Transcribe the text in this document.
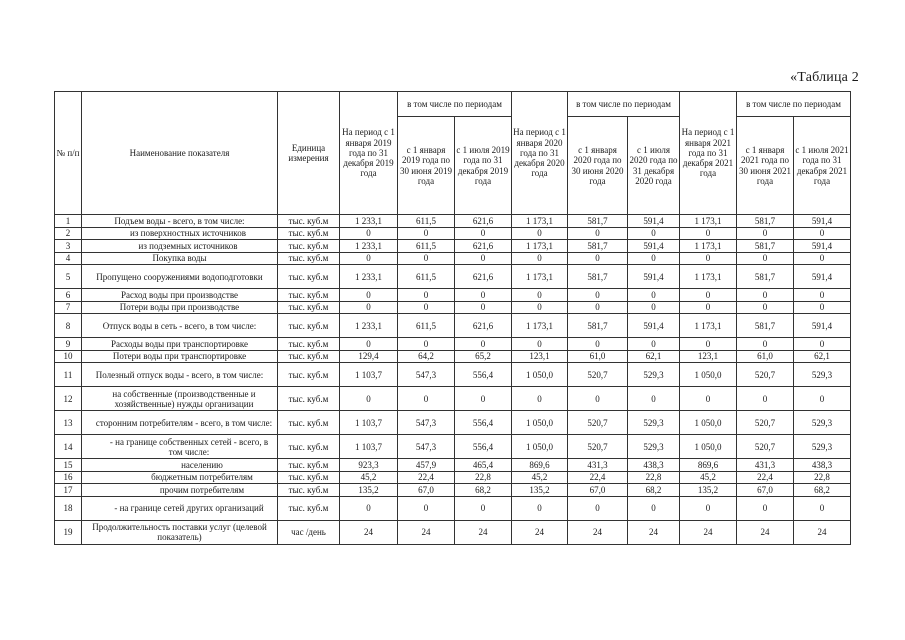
«Таблица 2
№ п/п	Наименование показателя	Единица измерения	На период с 1 января 2019 года по 31 декабря 2019 года	в том числе по периодам		На период с 1 января 2020 года по 31 декабря 2020 года	в том числе по периодам		На период с 1 января 2021 года по 31 декабря 2021 года	в том числе по периодам	
				с 1 января 2019 года по 30 июня 2019 года	с 1 июля 2019 года по 31 декабря 2019 года		с 1 января 2020 года по 30 июня 2020 года	с 1 июля 2020 года по 31 декабря 2020 года		с 1 января 2021 года по 30 июня 2021 года	с 1 июля 2021 года по 31 декабря 2021 года
1	Подъем воды - всего, в том числе:	тыс. куб.м	1 233,1	611,5	621,6	1 173,1	581,7	591,4	1 173,1	581,7	591,4
2	из поверхностных источников	тыс. куб.м	0	0	0	0	0	0	0	0	0
3	из подземных источников	тыс. куб.м	1 233,1	611,5	621,6	1 173,1	581,7	591,4	1 173,1	581,7	591,4
4	Покупка воды	тыс. куб.м	0	0	0	0	0	0	0	0	0
5	Пропущено сооружениями водоподготовки	тыс. куб.м	1 233,1	611,5	621,6	1 173,1	581,7	591,4	1 173,1	581,7	591,4
6	Расход воды при производстве	тыс. куб.м	0	0	0	0	0	0	0	0	0
7	Потери воды при производстве	тыс. куб.м	0	0	0	0	0	0	0	0	0
8	Отпуск воды в сеть - всего, в том числе:	тыс. куб.м	1 233,1	611,5	621,6	1 173,1	581,7	591,4	1 173,1	581,7	591,4
9	Расходы воды при транспортировке	тыс. куб.м	0	0	0	0	0	0	0	0	0
10	Потери воды при транспортировке	тыс. куб.м	129,4	64,2	65,2	123,1	61,0	62,1	123,1	61,0	62,1
11	Полезный отпуск воды - всего, в том числе:	тыс. куб.м	1 103,7	547,3	556,4	1 050,0	520,7	529,3	1 050,0	520,7	529,3
12	на собственные (производственные и хозяйственные) нужды организации	тыс. куб.м	0	0	0	0	0	0	0	0	0
13	сторонним потребителям - всего, в том числе:	тыс. куб.м	1 103,7	547,3	556,4	1 050,0	520,7	529,3	1 050,0	520,7	529,3
14	- на границе собственных сетей - всего, в том числе:	тыс. куб.м	1 103,7	547,3	556,4	1 050,0	520,7	529,3	1 050,0	520,7	529,3
15	населению	тыс. куб.м	923,3	457,9	465,4	869,6	431,3	438,3	869,6	431,3	438,3
16	бюджетным потребителям	тыс. куб.м	45,2	22,4	22,8	45,2	22,4	22,8	45,2	22,4	22,8
17	прочим потребителям	тыс. куб.м	135,2	67,0	68,2	135,2	67,0	68,2	135,2	67,0	68,2
18	- на границе сетей других организаций	тыс. куб.м	0	0	0	0	0	0	0	0	0
19	Продолжительность поставки услуг (целевой показатель)	час /день	24	24	24	24	24	24	24	24	24
